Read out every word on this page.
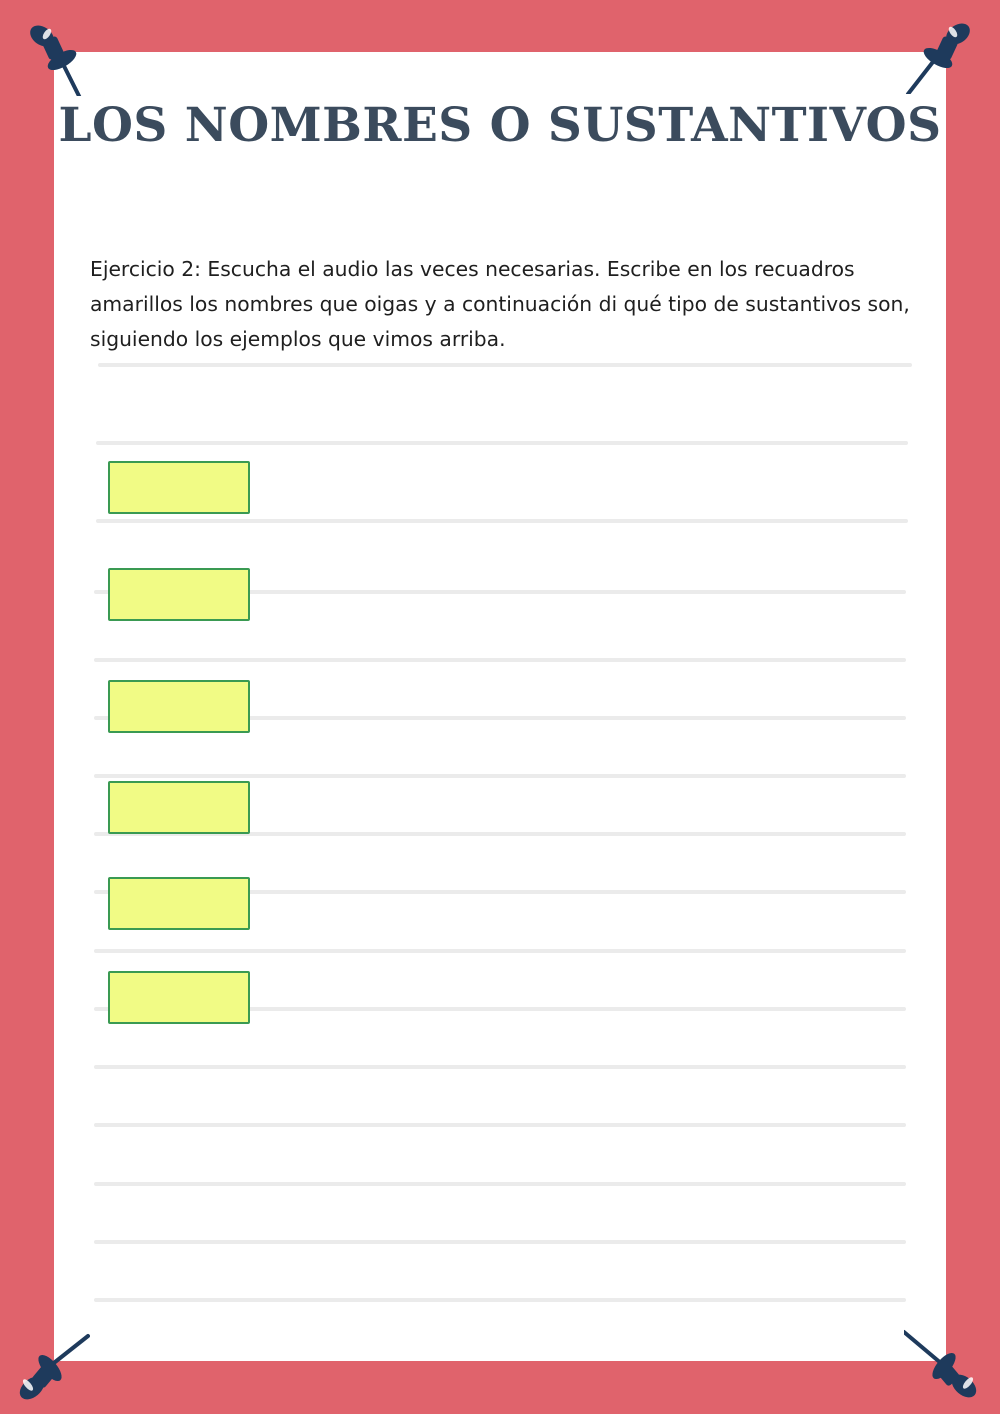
LOS NOMBRES O SUSTANTIVOS

Ejercicio 2: Escucha el audio las veces necesarias. Escribe en los recuadros amarillos los nombres que oigas y a continuación di qué tipo de sustantivos son, siguiendo los ejemplos que vimos arriba.
